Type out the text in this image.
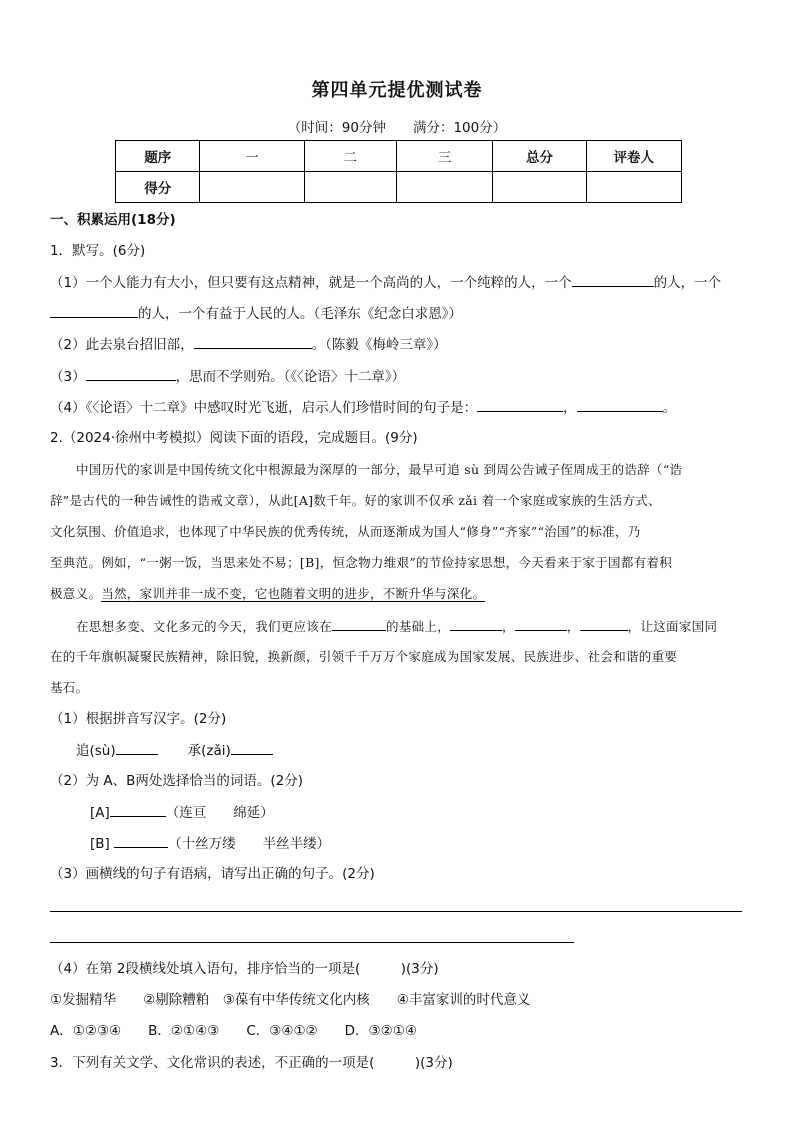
第四单元提优测试卷
（时间：90分钟　　满分：100分）
题序	一	二	三	总分	评卷人
得分					
一、积累运用(18分)
1．默写。(6分)
（1）一个人能力有大小，但只要有这点精神，就是一个高尚的人，一个纯粹的人，一个	的人，一个
的人，一个有益于人民的人。（毛泽东《纪念白求恩》）
（2）此去泉台招旧部，	。（陈毅《梅岭三章》）
（3）	，思而不学则殆。（《〈论语〉十二章》）
（4）《〈论语〉十二章》中感叹时光飞逝，启示人们珍惜时间的句子是：	，	。
2.（2024·徐州中考模拟）阅读下面的语段，完成题目。(9分)
中国历代的家训是中国传统文化中根源最为深厚的一部分，最早可追 sù 到周公告诫子侄周成王的诰辞（“诰
辞”是古代的一种告诫性的诰戒文章），从此[A]数千年。好的家训不仅承 zǎi 着一个家庭或家族的生活方式、
文化氛围、价值追求，也体现了中华民族的优秀传统，从而逐渐成为国人“修身”“齐家”“治国”的标准，乃
至典范。例如，“一粥一饭，当思来处不易；[B]，恒念物力维艰”的节俭持家思想，今天看来于家于国都有着积
极意义。当然，家训并非一成不变，它也随着文明的进步，不断升华与深化。
在思想多变、文化多元的今天，我们更应该在	的基础上，	，	，	，让这面家国同
在的千年旗帜凝聚民族精神，除旧貌，换新颜，引领千千万万个家庭成为国家发展、民族进步、社会和谐的重要
基石。
（1）根据拼音写汉字。(2分)
追(sù)	承(zǎi)
（2）为 A、B两处选择恰当的词语。(2分)
[A]	（连亘　　绵延）
[B]	（十丝万缕　　半丝半缕）
（3）画横线的句子有语病，请写出正确的句子。(2分)
（4）在第 2段横线处填入语句，排序恰当的一项是(　　　)(3分)
①发掘精华　　②剔除糟粕　③葆有中华传统文化内核　　④丰富家训的时代意义
A．①②③④　　B．②①④③　　C．③④①②　　D．③②①④
3．下列有关文学、文化常识的表述，不正确的一项是(　　　)(3分)
